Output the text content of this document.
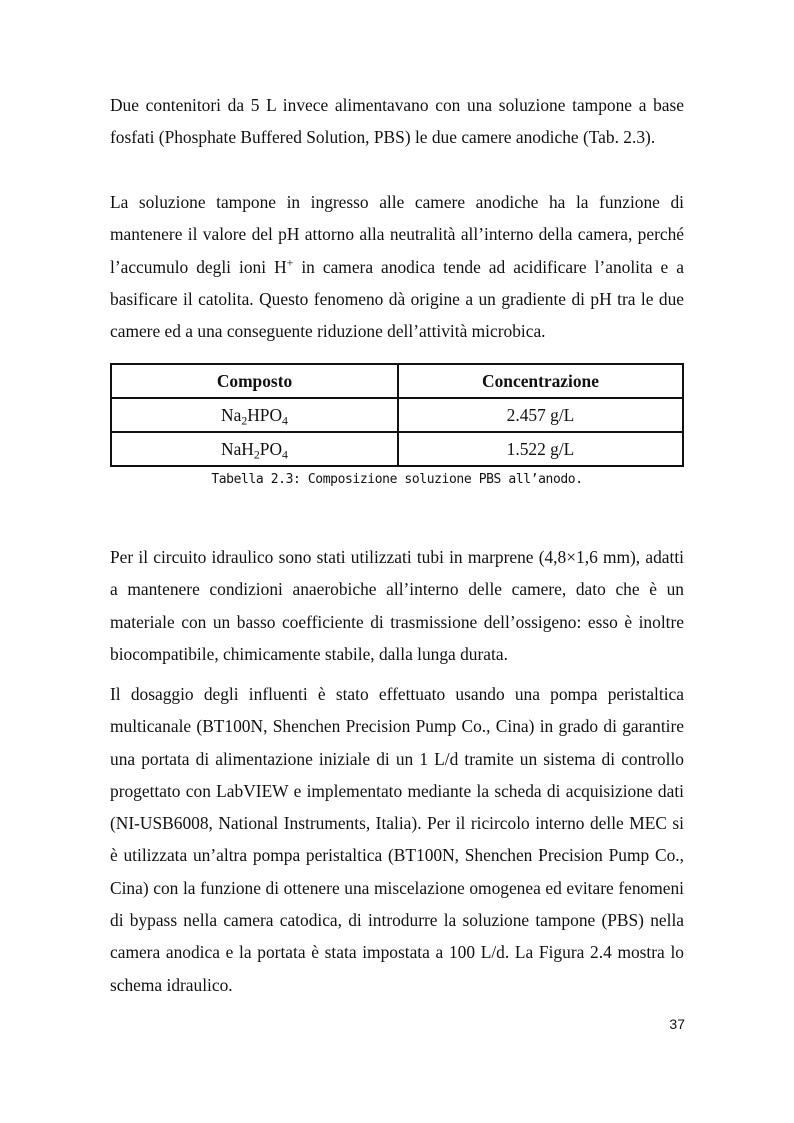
Due contenitori da 5 L invece alimentavano con una soluzione tampone a base fosfati (Phosphate Buffered Solution, PBS) le due camere anodiche (Tab. 2.3).

La soluzione tampone in ingresso alle camere anodiche ha la funzione di mantenere il valore del pH attorno alla neutralità all’interno della camera, perché l’accumulo degli ioni H+ in camera anodica tende ad acidificare l’anolita e a basificare il catolita. Questo fenomeno dà origine a un gradiente di pH tra le due camere ed a una conseguente riduzione dell’attività microbica.

Composto	Concentrazione
$Na_2HPO_4$	2.457 g/L
$NaH_2PO_4$	1.522 g/L
Tabella 2.3: Composizione soluzione PBS all’anodo.

Per il circuito idraulico sono stati utilizzati tubi in marprene (4,8×1,6 mm), adatti a mantenere condizioni anaerobiche all’interno delle camere, dato che è un materiale con un basso coefficiente di trasmissione dell’ossigeno: esso è inoltre biocompatibile, chimicamente stabile, dalla lunga durata.

Il dosaggio degli influenti è stato effettuato usando una pompa peristaltica multicanale (BT100N, Shenchen Precision Pump Co., Cina) in grado di garantire una portata di alimentazione iniziale di un 1 L/d tramite un sistema di controllo progettato con LabVIEW e implementato mediante la scheda di acquisizione dati (NI-USB6008, National Instruments, Italia). Per il ricircolo interno delle MEC si è utilizzata un’altra pompa peristaltica (BT100N, Shenchen Precision Pump Co., Cina) con la funzione di ottenere una miscelazione omogenea ed evitare fenomeni di bypass nella camera catodica, di introdurre la soluzione tampone (PBS) nella camera anodica e la portata è stata impostata a 100 L/d. La Figura 2.4 mostra lo schema idraulico.

37
